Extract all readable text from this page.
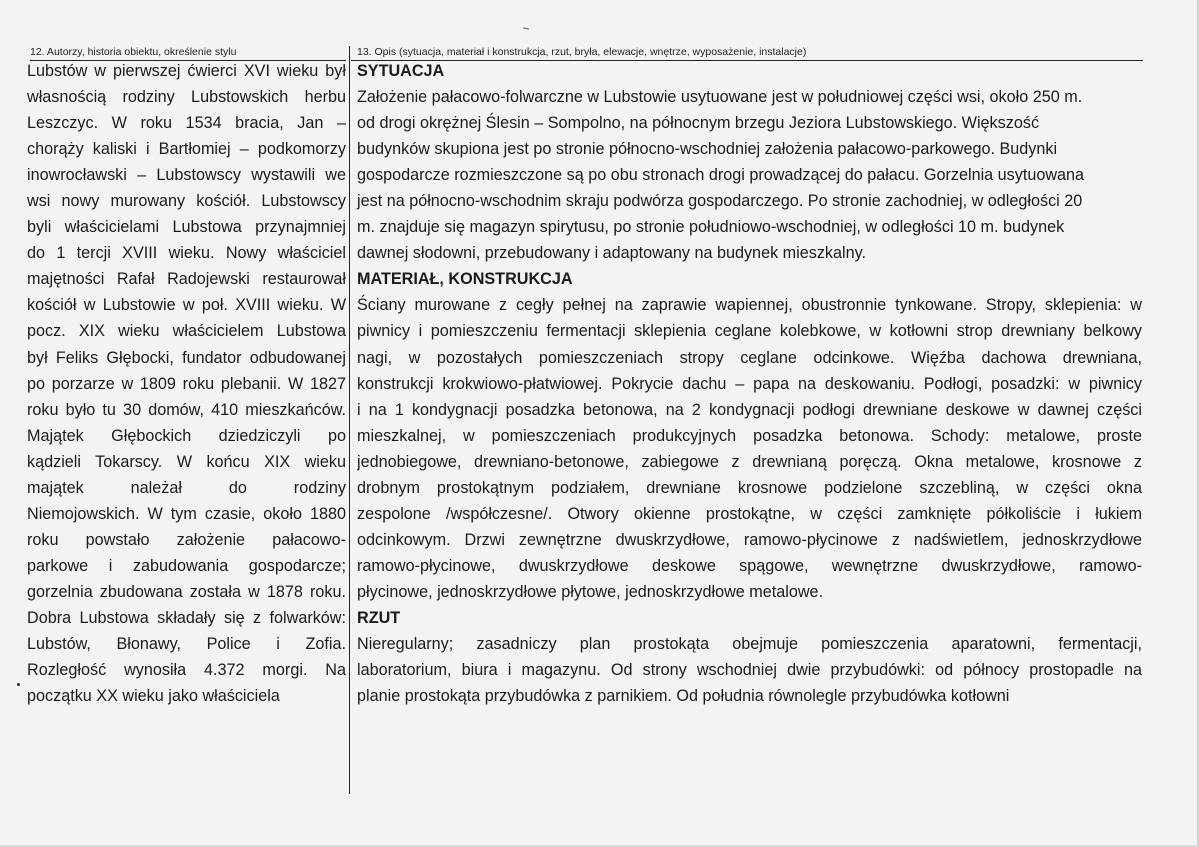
12. Autorzy, historia obiektu, określenie stylu	13. Opis (sytuacja, materiał i konstrukcja, rzut, bryła, elewacje, wnętrze, wyposażenie, instalacje)
Lubstów w pierwszej ćwierci XVI wieku był
własnością rodziny Lubstowskich herbu
Leszczyc. W roku 1534 bracia, Jan –
chorąży kaliski i Bartłomiej – podkomorzy
inowrocławski – Lubstowscy wystawili we
wsi nowy murowany kościół. Lubstowscy
byli właścicielami Lubstowa przynajmniej
do 1 tercji XVIII wieku. Nowy właściciel
majętności Rafał Radojewski restaurował
kościół w Lubstowie w poł. XVIII wieku. W
pocz. XIX wieku właścicielem Lubstowa
był Feliks Głębocki, fundator odbudowanej
po porzarze w 1809 roku plebanii. W 1827
roku było tu 30 domów, 410 mieszkańców.
Majątek Głębockich dziedziczyli po
kądzieli Tokarscy. W końcu XIX wieku
majątek należał do rodziny
Niemojowskich. W tym czasie, około 1880
roku powstało założenie pałacowo-
parkowe i zabudowania gospodarcze;
gorzelnia zbudowana została w 1878 roku.
Dobra Lubstowa składały się z folwarków:
Lubstów, Błonawy, Police i Zofia.
Rozległość wynosiła 4.372 morgi. Na
początku XX wieku jako właściciela
SYTUACJA
Założenie pałacowo-folwarczne w Lubstowie usytuowane jest w południowej części wsi, około 250 m.
od drogi okrężnej Ślesin – Sompolno, na północnym brzegu Jeziora Lubstowskiego. Większość
budynków skupiona jest po stronie północno-wschodniej założenia pałacowo-parkowego. Budynki
gospodarcze rozmieszczone są po obu stronach drogi prowadzącej do pałacu. Gorzelnia usytuowana
jest na północno-wschodnim skraju podwórza gospodarczego. Po stronie zachodniej, w odległości 20
m. znajduje się magazyn spirytusu, po stronie południowo-wschodniej, w odległości 10 m. budynek
dawnej słodowni, przebudowany i adaptowany na budynek mieszkalny.
MATERIAŁ, KONSTRUKCJA
Ściany murowane z cegły pełnej na zaprawie wapiennej, obustronnie tynkowane. Stropy, sklepienia: w
piwnicy i pomieszczeniu fermentacji sklepienia ceglane kolebkowe, w kotłowni strop drewniany belkowy
nagi, w pozostałych pomieszczeniach stropy ceglane odcinkowe. Więźba dachowa drewniana,
konstrukcji krokwiowo-płatwiowej. Pokrycie dachu – papa na deskowaniu. Podłogi, posadzki: w piwnicy
i na 1 kondygnacji posadzka betonowa, na 2 kondygnacji podłogi drewniane deskowe w dawnej części
mieszkalnej, w pomieszczeniach produkcyjnych posadzka betonowa. Schody: metalowe, proste
jednobiegowe, drewniano-betonowe, zabiegowe z drewnianą poręczą. Okna metalowe, krosnowe z
drobnym prostokątnym podziałem, drewniane krosnowe podzielone szczebliną, w części okna
zespolone /współczesne/. Otwory okienne prostokątne, w części zamknięte półkoliście i łukiem
odcinkowym. Drzwi zewnętrzne dwuskrzydłowe, ramowo-płycinowe z nadświetlem, jednoskrzydłowe
ramowo-płycinowe, dwuskrzydłowe deskowe spągowe, wewnętrzne dwuskrzydłowe, ramowo-
płycinowe, jednoskrzydłowe płytowe, jednoskrzydłowe metalowe.
RZUT
Nieregularny; zasadniczy plan prostokąta obejmuje pomieszczenia aparatowni, fermentacji,
laboratorium, biura i magazynu. Od strony wschodniej dwie przybudówki: od północy prostopadle na
planie prostokąta przybudówka z parnikiem. Od południa równolegle przybudówka kotłowni
